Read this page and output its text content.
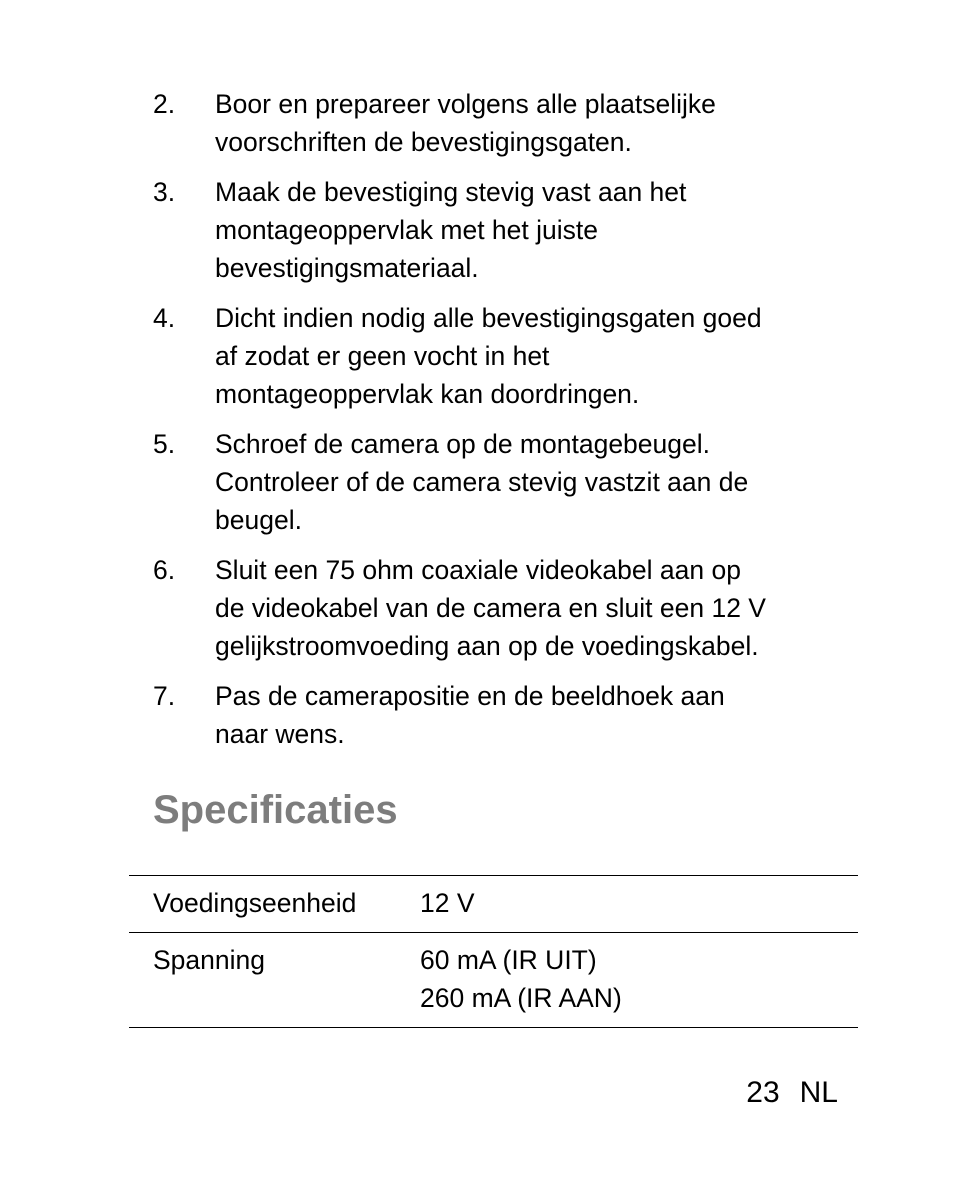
2. Boor en prepareer volgens alle plaatselijke
voorschriften de bevestigingsgaten.
3. Maak de bevestiging stevig vast aan het
montageoppervlak met het juiste
bevestigingsmateriaal.
4. Dicht indien nodig alle bevestigingsgaten goed
af zodat er geen vocht in het
montageoppervlak kan doordringen.
5. Schroef de camera op de montagebeugel.
Controleer of de camera stevig vastzit aan de
beugel.
6. Sluit een 75 ohm coaxiale videokabel aan op
de videokabel van de camera en sluit een 12 V
gelijkstroomvoeding aan op de voedingskabel.
7. Pas de camerapositie en de beeldhoek aan
naar wens.
Specificaties
Voedingseenheid	12 V

Spanning	60 mA (IR UIT)
260 mA (IR AAN)
23 NL
